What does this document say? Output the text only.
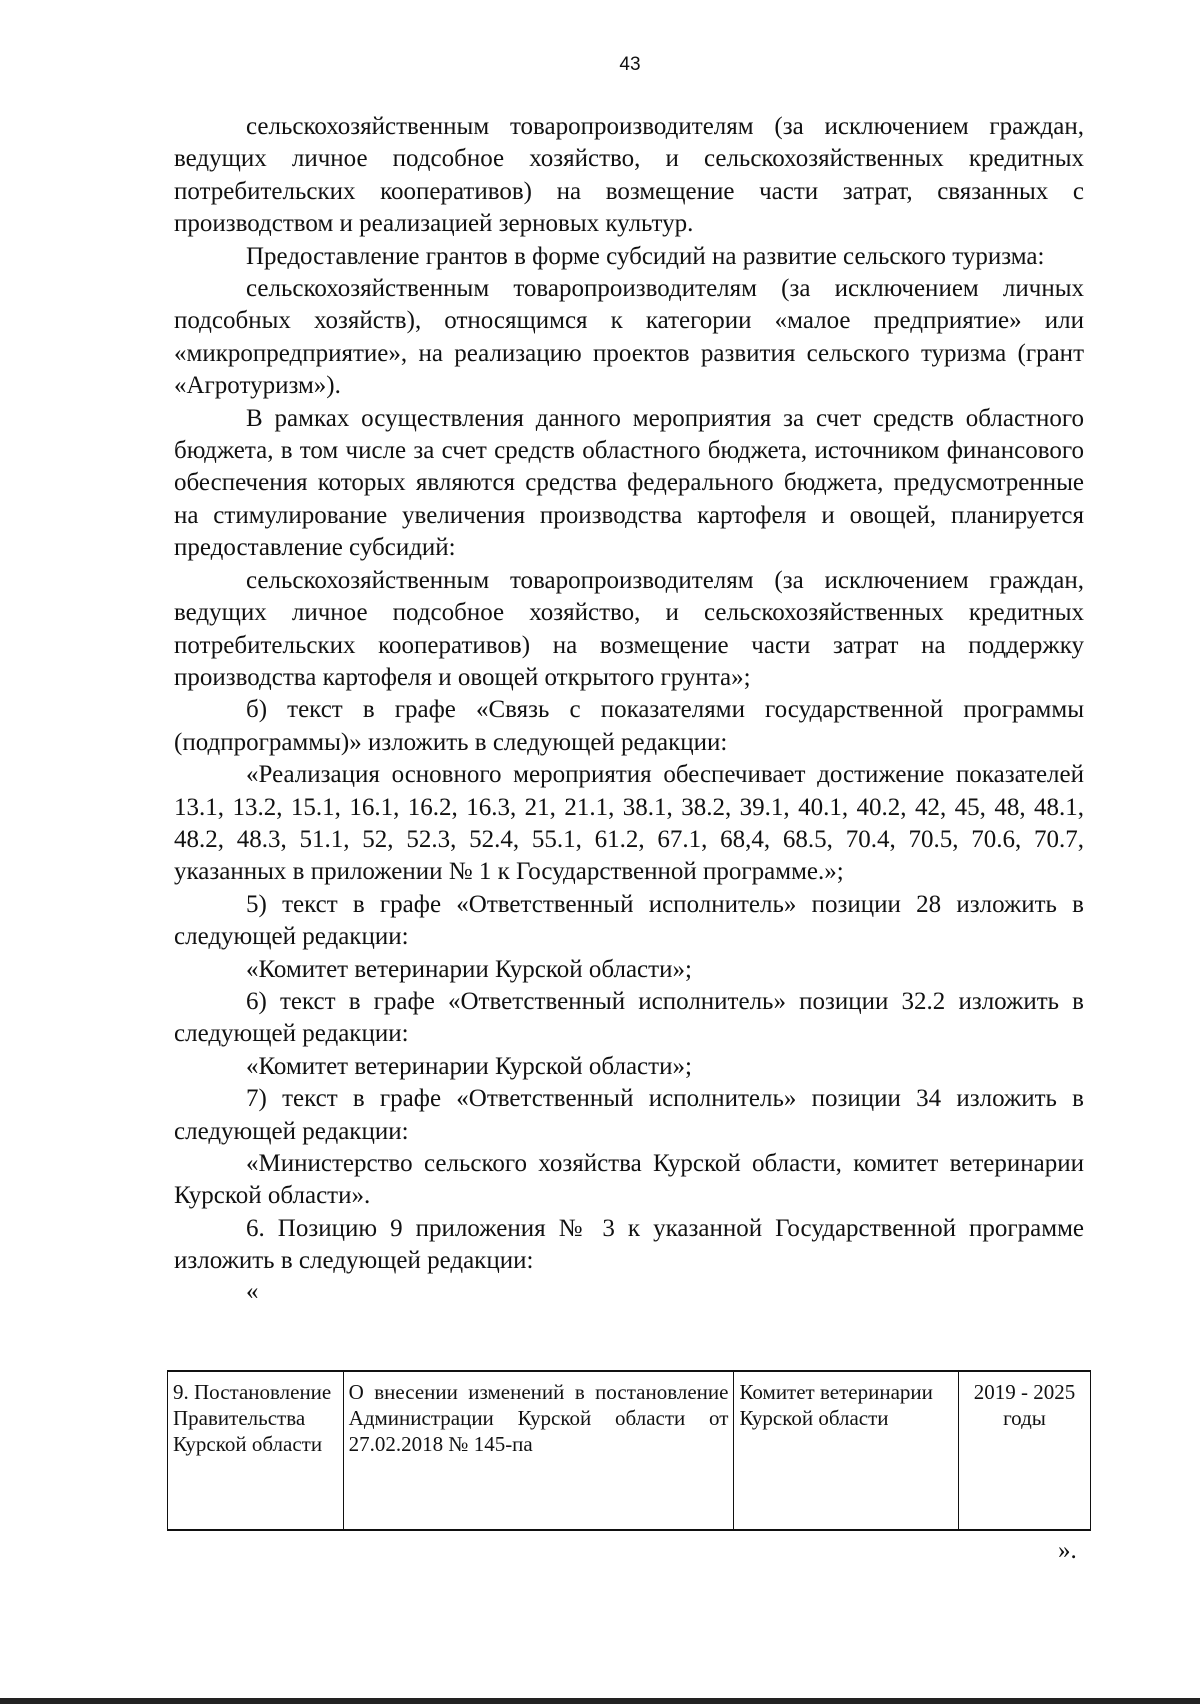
43

сельскохозяйственным товаропроизводителям (за исключением граждан, ведущих личное подсобное хозяйство, и сельскохозяйственных кредитных потребительских кооперативов) на возмещение части затрат, связанных с производством и реализацией зерновых культур.

Предоставление грантов в форме субсидий на развитие сельского туризма:

сельскохозяйственным товаропроизводителям (за исключением личных подсобных хозяйств), относящимся к категории «малое предприятие» или «микропредприятие», на реализацию проектов развития сельского туризма (грант «Агротуризм»).

В рамках осуществления данного мероприятия за счет средств областного бюджета, в том числе за счет средств областного бюджета, источником финансового обеспечения которых являются средства федерального бюджета, предусмотренные на стимулирование увеличения производства картофеля и овощей, планируется предоставление субсидий:

сельскохозяйственным товаропроизводителям (за исключением граждан, ведущих личное подсобное хозяйство, и сельскохозяйственных кредитных потребительских кооперативов) на возмещение части затрат на поддержку производства картофеля и овощей открытого грунта»;

б) текст в графе «Связь с показателями государственной программы (подпрограммы)» изложить в следующей редакции:

«Реализация основного мероприятия обеспечивает достижение показателей 13.1, 13.2, 15.1, 16.1, 16.2, 16.3, 21, 21.1, 38.1, 38.2, 39.1, 40.1, 40.2, 42, 45, 48, 48.1, 48.2, 48.3, 51.1, 52, 52.3, 52.4, 55.1, 61.2, 67.1, 68,4, 68.5, 70.4, 70.5, 70.6, 70.7, указанных в приложении № 1 к Государственной программе.»;

5) текст в графе «Ответственный исполнитель» позиции 28 изложить в следующей редакции:

«Комитет ветеринарии Курской области»;

6) текст в графе «Ответственный исполнитель» позиции 32.2 изложить в следующей редакции:

«Комитет ветеринарии Курской области»;

7) текст в графе «Ответственный исполнитель» позиции 34 изложить в следующей редакции:

«Министерство сельского хозяйства Курской области, комитет ветеринарии Курской области».

6. Позицию 9 приложения № 3 к указанной Государственной программе изложить в следующей редакции:

«
9. Постановление Правительства Курской области	О внесении изменений в постановление Администрации Курской области от 27.02.2018 № 145-па	Комитет ветеринарии Курской области	2019 - 2025 годы
».
